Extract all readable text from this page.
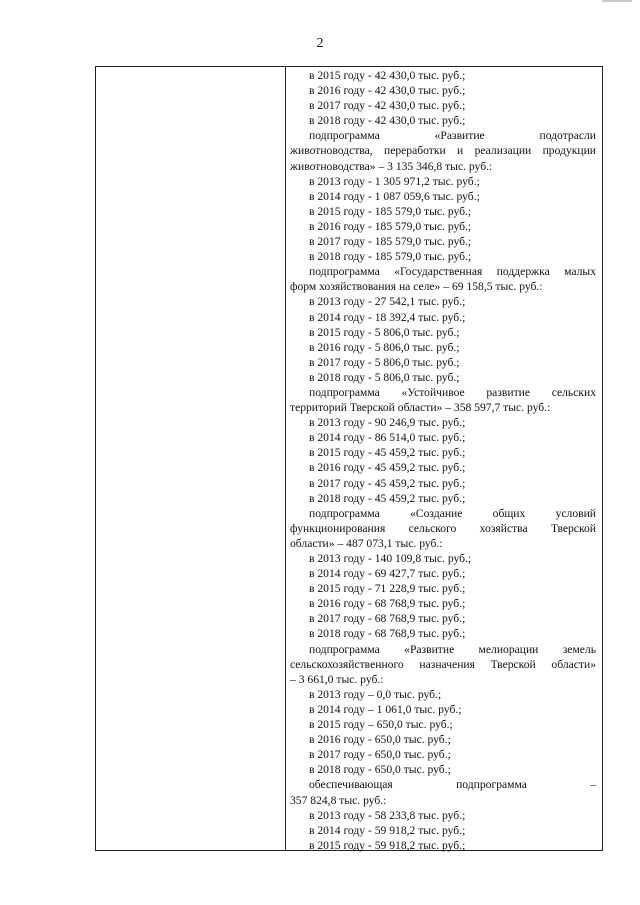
2
в 2015 году - 42 430,0 тыс. руб.;
в 2016 году - 42 430,0 тыс. руб.;
в 2017 году - 42 430,0 тыс. руб.;
в 2018 году - 42 430,0 тыс. руб.;
подпрограмма «Развитие подотрасли
животноводства, переработки и реализации продукции
животноводства» – 3 135 346,8 тыс. руб.:
в 2013 году - 1 305 971,2 тыс. руб.;
в 2014 году - 1 087 059,6 тыс. руб.;
в 2015 году - 185 579,0 тыс. руб.;
в 2016 году - 185 579,0 тыс. руб.;
в 2017 году - 185 579,0 тыс. руб.;
в 2018 году - 185 579,0 тыс. руб.;
подпрограмма «Государственная поддержка малых
форм хозяйствования на селе» – 69 158,5 тыс. руб.:
в 2013 году - 27 542,1 тыс. руб.;
в 2014 году - 18 392,4 тыс. руб.;
в 2015 году - 5 806,0 тыс. руб.;
в 2016 году - 5 806,0 тыс. руб.;
в 2017 году - 5 806,0 тыс. руб.;
в 2018 году - 5 806,0 тыс. руб.;
подпрограмма «Устойчивое развитие сельских
территорий Тверской области» – 358 597,7 тыс. руб.:
в 2013 году - 90 246,9 тыс. руб.;
в 2014 году - 86 514,0 тыс. руб.;
в 2015 году - 45 459,2 тыс. руб.;
в 2016 году - 45 459,2 тыс. руб.;
в 2017 году - 45 459,2 тыс. руб.;
в 2018 году - 45 459,2 тыс. руб.;
подпрограмма «Создание общих условий
функционирования сельского хозяйства Тверской
области» – 487 073,1 тыс. руб.:
в 2013 году - 140 109,8 тыс. руб.;
в 2014 году - 69 427,7 тыс. руб.;
в 2015 году - 71 228,9 тыс. руб.;
в 2016 году - 68 768,9 тыс. руб.;
в 2017 году - 68 768,9 тыс. руб.;
в 2018 году - 68 768,9 тыс. руб.;
подпрограмма «Развитие мелиорации земель
сельскохозяйственного назначения Тверской области»
– 3 661,0 тыс. руб.:
в 2013 году – 0,0 тыс. руб.;
в 2014 году – 1 061,0 тыс. руб.;
в 2015 году – 650,0 тыс. руб.;
в 2016 году - 650,0 тыс. руб.;
в 2017 году - 650,0 тыс. руб.;
в 2018 году - 650,0 тыс. руб.;
обеспечивающая подпрограмма –
357 824,8 тыс. руб.:
в 2013 году - 58 233,8 тыс. руб.;
в 2014 году - 59 918,2 тыс. руб.;
в 2015 году - 59 918,2 тыс. руб.;
